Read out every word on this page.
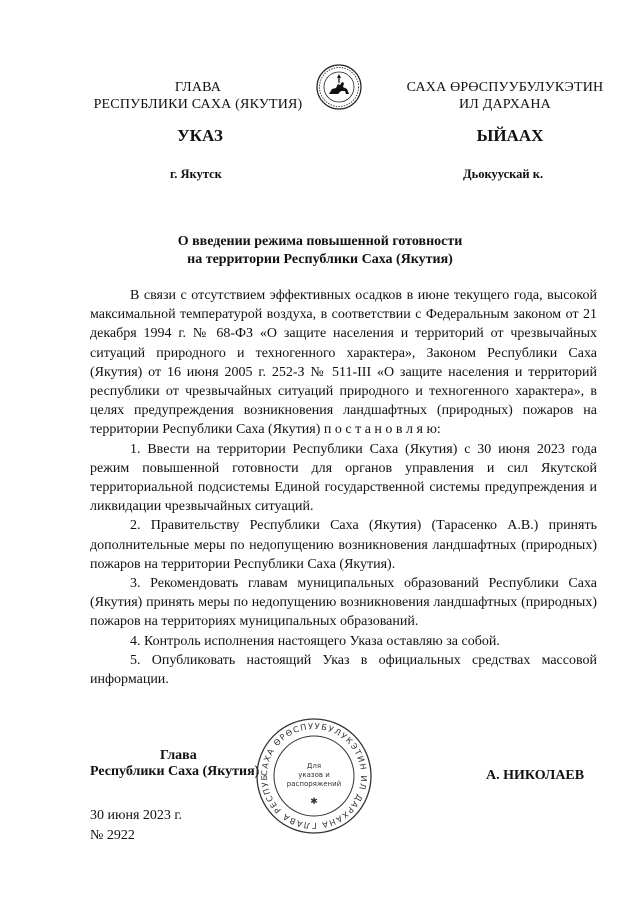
ГЛАВА
РЕСПУБЛИКИ САХА (ЯКУТИЯ)
САХА ӨРӨСПУУБУЛУКЭТИН
ИЛ ДАРХАНА
УКАЗ	ЫЙААХ
г. Якутск	Дьокуускай к.
О введении режима повышенной готовности
на территории Республики Саха (Якутия)

В связи с отсутствием эффективных осадков в июне текущего года, высокой максимальной температурой воздуха, в соответствии с Федеральным законом от 21 декабря 1994 г. № 68-ФЗ «О защите населения и территорий от чрезвычайных ситуаций природного и техногенного характера», Законом Республики Саха (Якутия) от 16 июня 2005 г. 252-З № 511-III «О защите населения и территорий республики от чрезвычайных ситуаций природного и техногенного характера», в целях предупреждения возникновения ландшафтных (природных) пожаров на территории Республики Саха (Якутия) п о с т а н о в л я ю:

1. Ввести на территории Республики Саха (Якутия) с 30 июня 2023 года режим повышенной готовности для органов управления и сил Якутской территориальной подсистемы Единой государственной системы предупреждения и ликвидации чрезвычайных ситуаций.

2. Правительству Республики Саха (Якутия) (Тарасенко А.В.) принять дополнительные меры по недопущению возникновения ландшафтных (природных) пожаров на территории Республики Саха (Якутия).

3. Рекомендовать главам муниципальных образований Республики Саха (Якутия) принять меры по недопущению возникновения ландшафтных (природных) пожаров на территориях муниципальных образований.

4. Контроль исполнения настоящего Указа оставляю за собой.

5. Опубликовать настоящий Указ в официальных средствах массовой информации.

Глава
Республики Саха (Якутия)	А. НИКОЛАЕВ
САХА ӨРӨСПУУБУЛУКЭТИН ИЛ ДАРХАНА ГЛАВА РЕСПУБ
Для
указов и
распоряжений
✱
30 июня 2023 г.
№ 2922
